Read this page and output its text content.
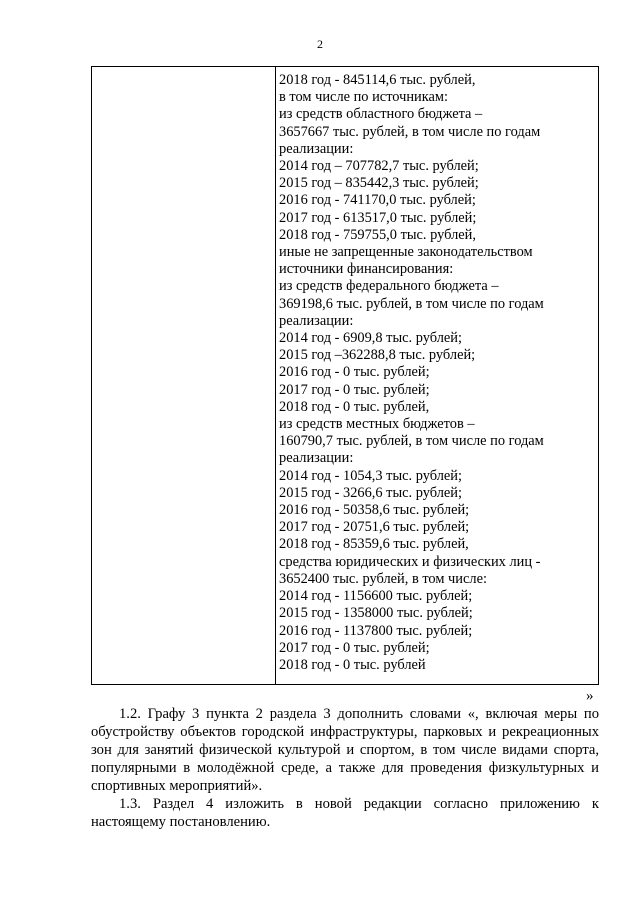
2
2018 год - 845114,6 тыс. рублей,
в том числе по источникам:
из средств областного бюджета –
3657667 тыс. рублей, в том числе по годам
реализации:
2014 год – 707782,7 тыс. рублей;
2015 год – 835442,3 тыс. рублей;
2016 год - 741170,0 тыс. рублей;
2017 год - 613517,0 тыс. рублей;
2018 год - 759755,0 тыс. рублей,
иные не запрещенные законодательством
источники финансирования:
из средств федерального бюджета –
369198,6 тыс. рублей, в том числе по годам
реализации:
2014 год - 6909,8 тыс. рублей;
2015 год –362288,8 тыс. рублей;
2016 год - 0 тыс. рублей;
2017 год - 0 тыс. рублей;
2018 год - 0 тыс. рублей,
из средств местных бюджетов –
160790,7 тыс. рублей, в том числе по годам
реализации:
2014 год - 1054,3 тыс. рублей;
2015 год - 3266,6 тыс. рублей;
2016 год - 50358,6 тыс. рублей;
2017 год - 20751,6 тыс. рублей;
2018 год - 85359,6 тыс. рублей,
средства юридических и физических лиц -
3652400 тыс. рублей, в том числе:
2014 год - 1156600 тыс. рублей;
2015 год - 1358000 тыс. рублей;
2016 год - 1137800 тыс. рублей;
2017 год - 0 тыс. рублей;
2018 год - 0 тыс. рублей
»

1.2. Графу 3 пункта 2 раздела 3 дополнить словами «, включая меры по обустройству объектов городской инфраструктуры, парковых и рекреационных зон для занятий физической культурой и спортом, в том числе видами спорта, популярными в молодёжной среде, а также для проведения физкультурных и спортивных мероприятий».

1.3. Раздел 4 изложить в новой редакции согласно приложению к настоящему постановлению.
